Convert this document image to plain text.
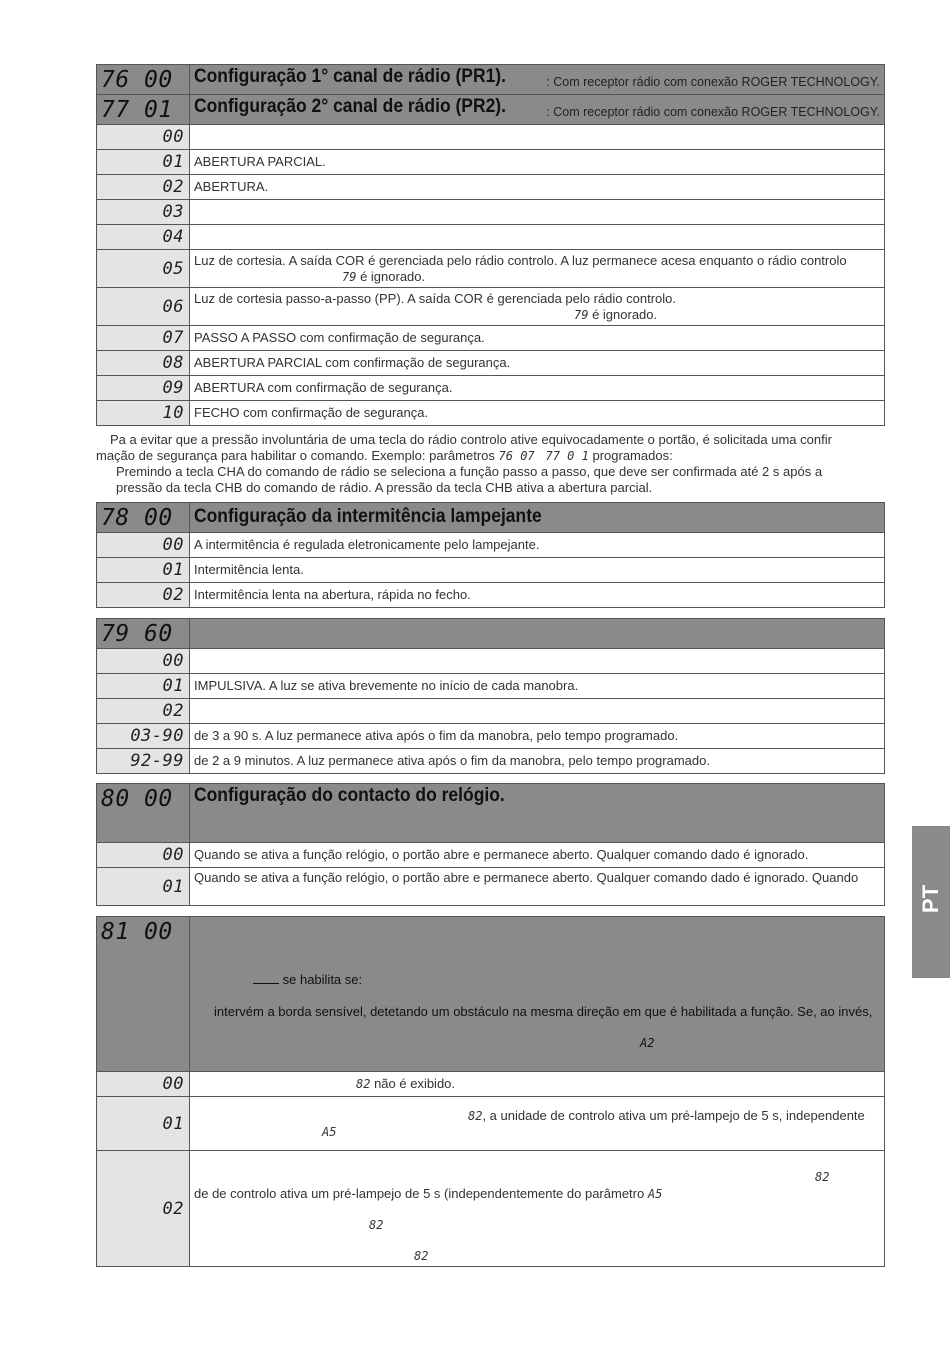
76 00	Configuração 1° canal de rádio (PR1). : Com receptor rádio com conexão ROGER TECHNOLOGY.

77 01	Configuração 2° canal de rádio (PR2). : Com receptor rádio com conexão ROGER TECHNOLOGY.

00	
01	ABERTURA PARCIAL.
02	ABERTURA.
03	
04	
05	Luz de cortesia. A saída COR é gerenciada pelo rádio controlo. A luz permanece acesa enquanto o rádio controlo
79 é ignorado.

06	Luz de cortesia passo-a-passo (PP). A saída COR é gerenciada pelo rádio controlo.
79 é ignorado.

07	PASSO A PASSO com confirmação de segurança.
08	ABERTURA PARCIAL com confirmação de segurança.
09	ABERTURA com confirmação de segurança.
10	FECHO com confirmação de segurança.
Pa a evitar que a pressão involuntária de uma tecla do rádio controlo ative equivocadamente o portão, é solicitada uma confir
mação de segurança para habilitar o comando. Exemplo: parâmetros 76 07 77 0 1 programados:
Premindo a tecla CHA do comando de rádio se seleciona a função passo a passo, que deve ser confirmada até 2 s após a
pressão da tecla CHB do comando de rádio. A pressão da tecla CHB ativa a abertura parcial.
78 00	Configuração da intermitência lampejante
00	A intermitência é regulada eletronicamente pelo lampejante.
01	Intermitência lenta.
02	Intermitência lenta na abertura, rápida no fecho.
79 60	
00	
01	IMPULSIVA. A luz se ativa brevemente no início de cada manobra.
02	
03-90	de 3 a 90 s. A luz permanece ativa após o fim da manobra, pelo tempo programado.
92-99	de 2 a 9 minutos. A luz permanece ativa após o fim da manobra, pelo tempo programado.
80 00	Configuração do contacto do relógio.
00	Quando se ativa a função relógio, o portão abre e permanece aberto. Qualquer comando dado é ignorado.
01	Quando se ativa a função relógio, o portão abre e permanece aberto. Qualquer comando dado é ignorado. Quando
81 00	se habilita se:
intervém a borda sensível, detetando um obstáculo na mesma direção em que é habilitada a função. Se, ao invés,
A2

00	82 não é exibido.
01	82, a unidade de controlo ativa um pré-lampejo de 5 s, independente
A5

02	82
de de controlo ativa um pré-lampejo de 5 s (independentemente do parâmetro A5
82
82
PT
